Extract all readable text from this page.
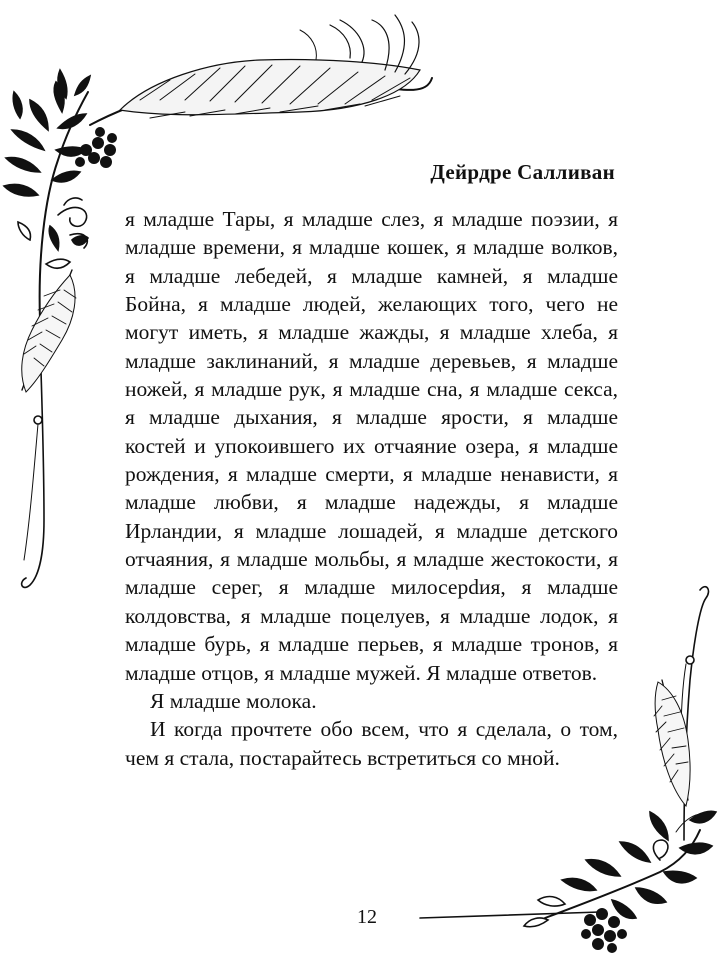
Дейрдре Салливан

я младше Тары, я младше слез, я младше поэзии, я младше времени, я младше кошек, я младше волков, я младше лебедей, я младше камней, я младше Бойна, я младше людей, желающих того, чего не могут иметь, я младше жажды, я младше хлеба, я младше заклинаний, я младше деревьев, я младше ножей, я младше рук, я младше сна, я младше секса, я младше дыхания, я младше ярости, я младше костей и упокоившего их отчаяние озера, я младше рождения, я младше смерти, я младше ненависти, я младше любви, я младше надежды, я младше Ирландии, я младше лошадей, я младше детского отчаяния, я младше мольбы, я младше жестокости, я младше серег, я младше милосерdия, я младше колдовства, я младше поцелуев, я младше лодок, я младше бурь, я младше перьев, я младше тронов, я младше отцов, я младше мужей. Я младше ответов.

Я младше молока.

И когда прочтете обо всем, что я сделала, о том, чем я стала, постарайтесь встретиться со мной.

12
